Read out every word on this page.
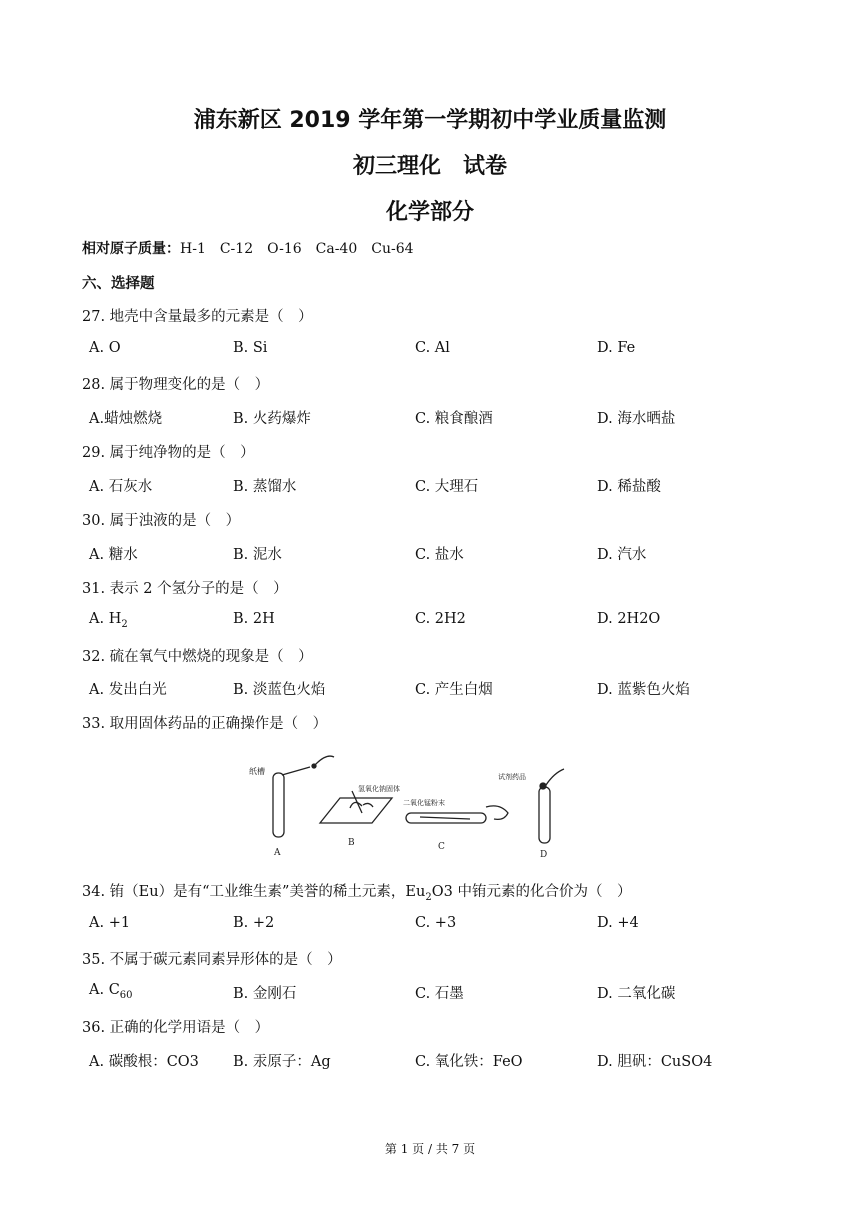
浦东新区 2019 学年第一学期初中学业质量监测
初三理化　试卷
化学部分
相对原子质量：H-1　C-12　O-16　Ca-40　Cu-64
六、选择题
27. 地壳中含量最多的元素是（　）
A. O	B. Si	C. Al	D. Fe
28. 属于物理变化的是（　）
A.蜡烛燃烧	B. 火药爆炸	C. 粮食酿酒	D. 海水晒盐
29. 属于纯净物的是（　）
A. 石灰水	B. 蒸馏水	C. 大理石	D. 稀盐酸
30. 属于浊液的是（　）
A. 糖水	B. 泥水	C. 盐水	D. 汽水
31. 表示 2 个氢分子的是（　）
A. $H_2$	B. 2H	C. 2H2	D. 2H2O
32. 硫在氧气中燃烧的现象是（　）
A. 发出白光	B. 淡蓝色火焰	C. 产生白烟	D. 蓝紫色火焰
33. 取用固体药品的正确操作是（　）
34. 铕（Eu）是有“工业维生素”美誉的稀土元素，$Eu_2O3$ 中铕元素的化合价为（　）
A. +1	B. +2	C. +3	D. +4
35. 不属于碳元素同素异形体的是（　）
A. $C_{60}$	B. 金刚石	C. 石墨	D. 二氧化碳
36. 正确的化学用语是（　）
A. 碳酸根：CO3 B. 汞原子：Ag	C. 氧化铁：FeO	D. 胆矾：CuSO4
纸槽
A
氢氧化钠固体
B
二氧化锰粉末
C
试剂药品
D
第 1 页 / 共 7 页
